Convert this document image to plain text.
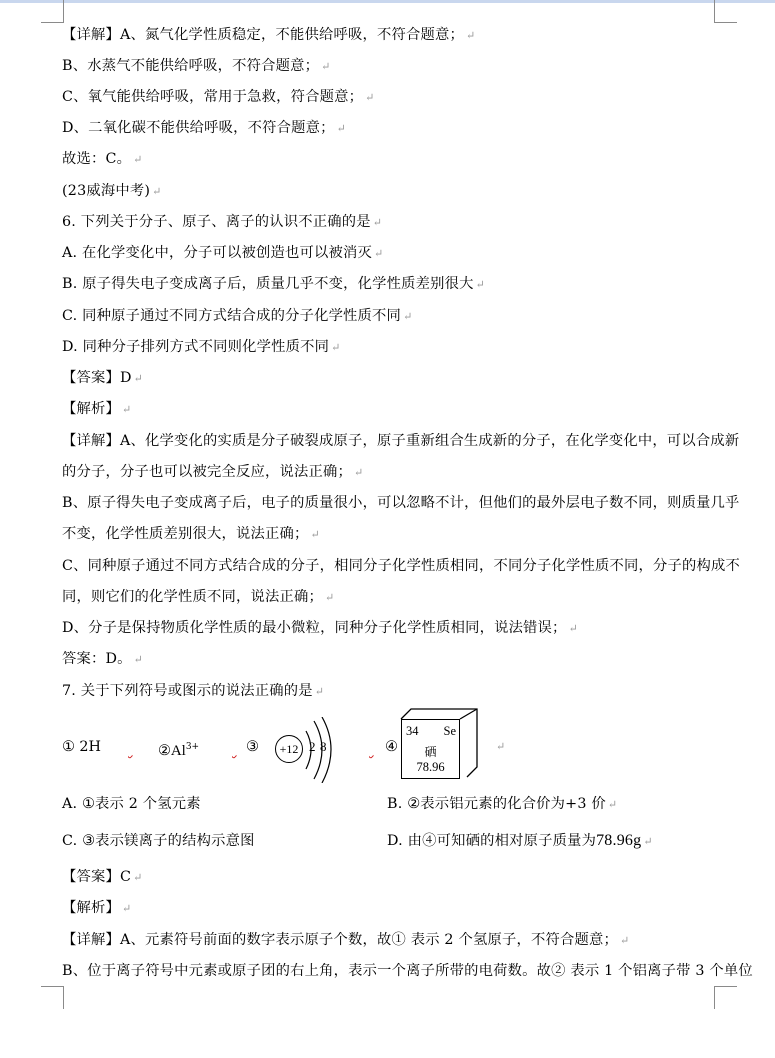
【详解】A、氮气化学性质稳定，不能供给呼吸，不符合题意； ↵
B、水蒸气不能供给呼吸，不符合题意； ↵
C、氧气能供给呼吸，常用于急救，符合题意； ↵
D、二氧化碳不能供给呼吸，不符合题意； ↵
故选：C。 ↵
(23威海中考) ↵
6. 下列关于分子、原子、离子的认识不正确的是 ↵
A. 在化学变化中，分子可以被创造也可以被消灭 ↵
B. 原子得失电子变成离子后，质量几乎不变，化学性质差别很大 ↵
C. 同种原子通过不同方式结合成的分子化学性质不同 ↵
D. 同种分子排列方式不同则化学性质不同 ↵
【答案】D ↵
【解析】 ↵
【详解】A、化学变化的实质是分子破裂成原子，原子重新组合生成新的分子，在化学变化中，可以合成新
的分子，分子也可以被完全反应，说法正确； ↵
B、原子得失电子变成离子后，电子的质量很小，可以忽略不计，但他们的最外层电子数不同，则质量几乎
不变，化学性质差别很大，说法正确； ↵
C、同种原子通过不同方式结合成的分子，相同分子化学性质相同，不同分子化学性质不同，分子的构成不
同，则它们的化学性质不同，说法正确； ↵
D、分子是保持物质化学性质的最小微粒，同种分子化学性质相同，说法错误； ↵
答案：D。 ↵
7. 关于下列符号或图示的说法正确的是 ↵
① 2H
	$②Al^{3+}$
	③	+12 2 8
	④
34 Se
硒
78.96
↵
A. ①表示 2 个氢元素	B. ②表示铝元素的化合价为+3 价 ↵
C. ③表示镁离子的结构示意图	D. 由④可知硒的相对原子质量为78.96g ↵
【答案】C ↵
【解析】 ↵
【详解】A、元素符号前面的数字表示原子个数，故① 表示 2 个氢原子，不符合题意； ↵
B、位于离子符号中元素或原子团的右上角，表示一个离子所带的电荷数。故② 表示 1 个铝离子带 3 个单位
